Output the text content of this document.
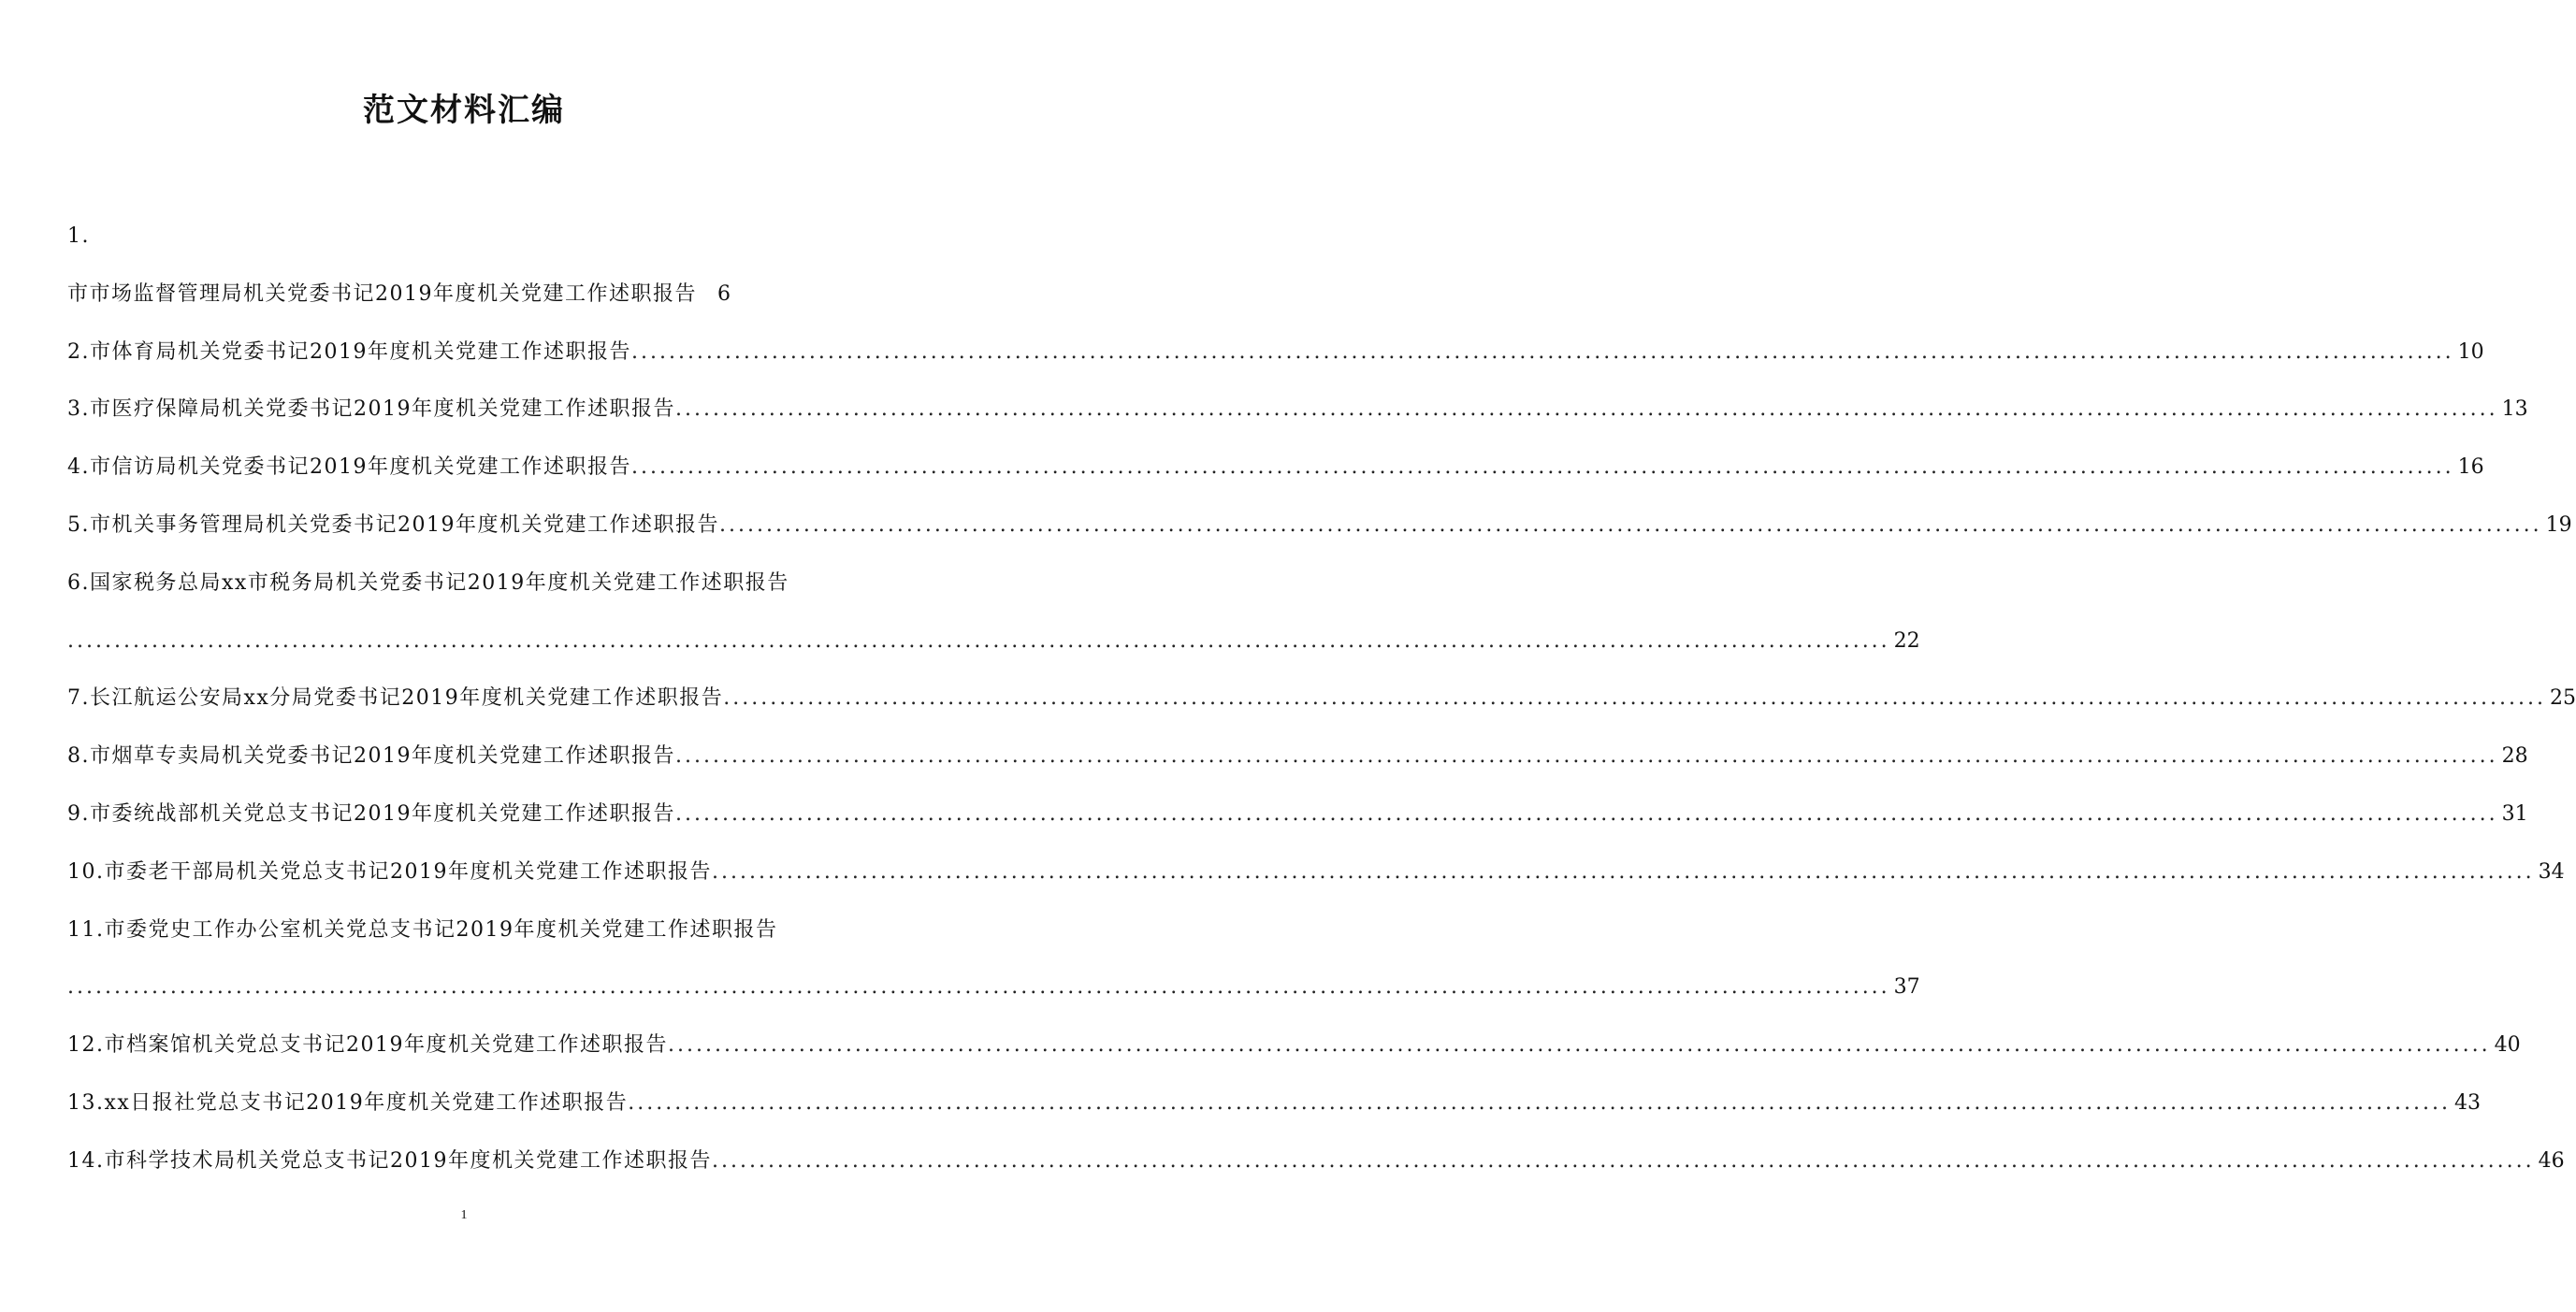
范文材料汇编
1.
市市场监督管理局机关党委书记2019年度机关党建工作述职报告 6
2.市体育局机关党委书记2019年度机关党建工作述职报告 ................................................................................................................................................................................................... 10
3.市医疗保障局机关党委书记2019年度机关党建工作述职报告 ................................................................................................................................................................................................... 13
4.市信访局机关党委书记2019年度机关党建工作述职报告 ................................................................................................................................................................................................... 16
5.市机关事务管理局机关党委书记2019年度机关党建工作述职报告 ................................................................................................................................................................................................... 19
6.国家税务总局xx市税务局机关党委书记2019年度机关党建工作述职报告
................................................................................................................................................................................................... 22
7.长江航运公安局xx分局党委书记2019年度机关党建工作述职报告 ................................................................................................................................................................................................... 25
8.市烟草专卖局机关党委书记2019年度机关党建工作述职报告 ................................................................................................................................................................................................... 28
9.市委统战部机关党总支书记2019年度机关党建工作述职报告 ................................................................................................................................................................................................... 31
10.市委老干部局机关党总支书记2019年度机关党建工作述职报告 ................................................................................................................................................................................................... 34
11.市委党史工作办公室机关党总支书记2019年度机关党建工作述职报告
................................................................................................................................................................................................... 37
12.市档案馆机关党总支书记2019年度机关党建工作述职报告 ................................................................................................................................................................................................... 40
13.xx日报社党总支书记2019年度机关党建工作述职报告 ................................................................................................................................................................................................... 43
14.市科学技术局机关党总支书记2019年度机关党建工作述职报告 ................................................................................................................................................................................................... 46
1
